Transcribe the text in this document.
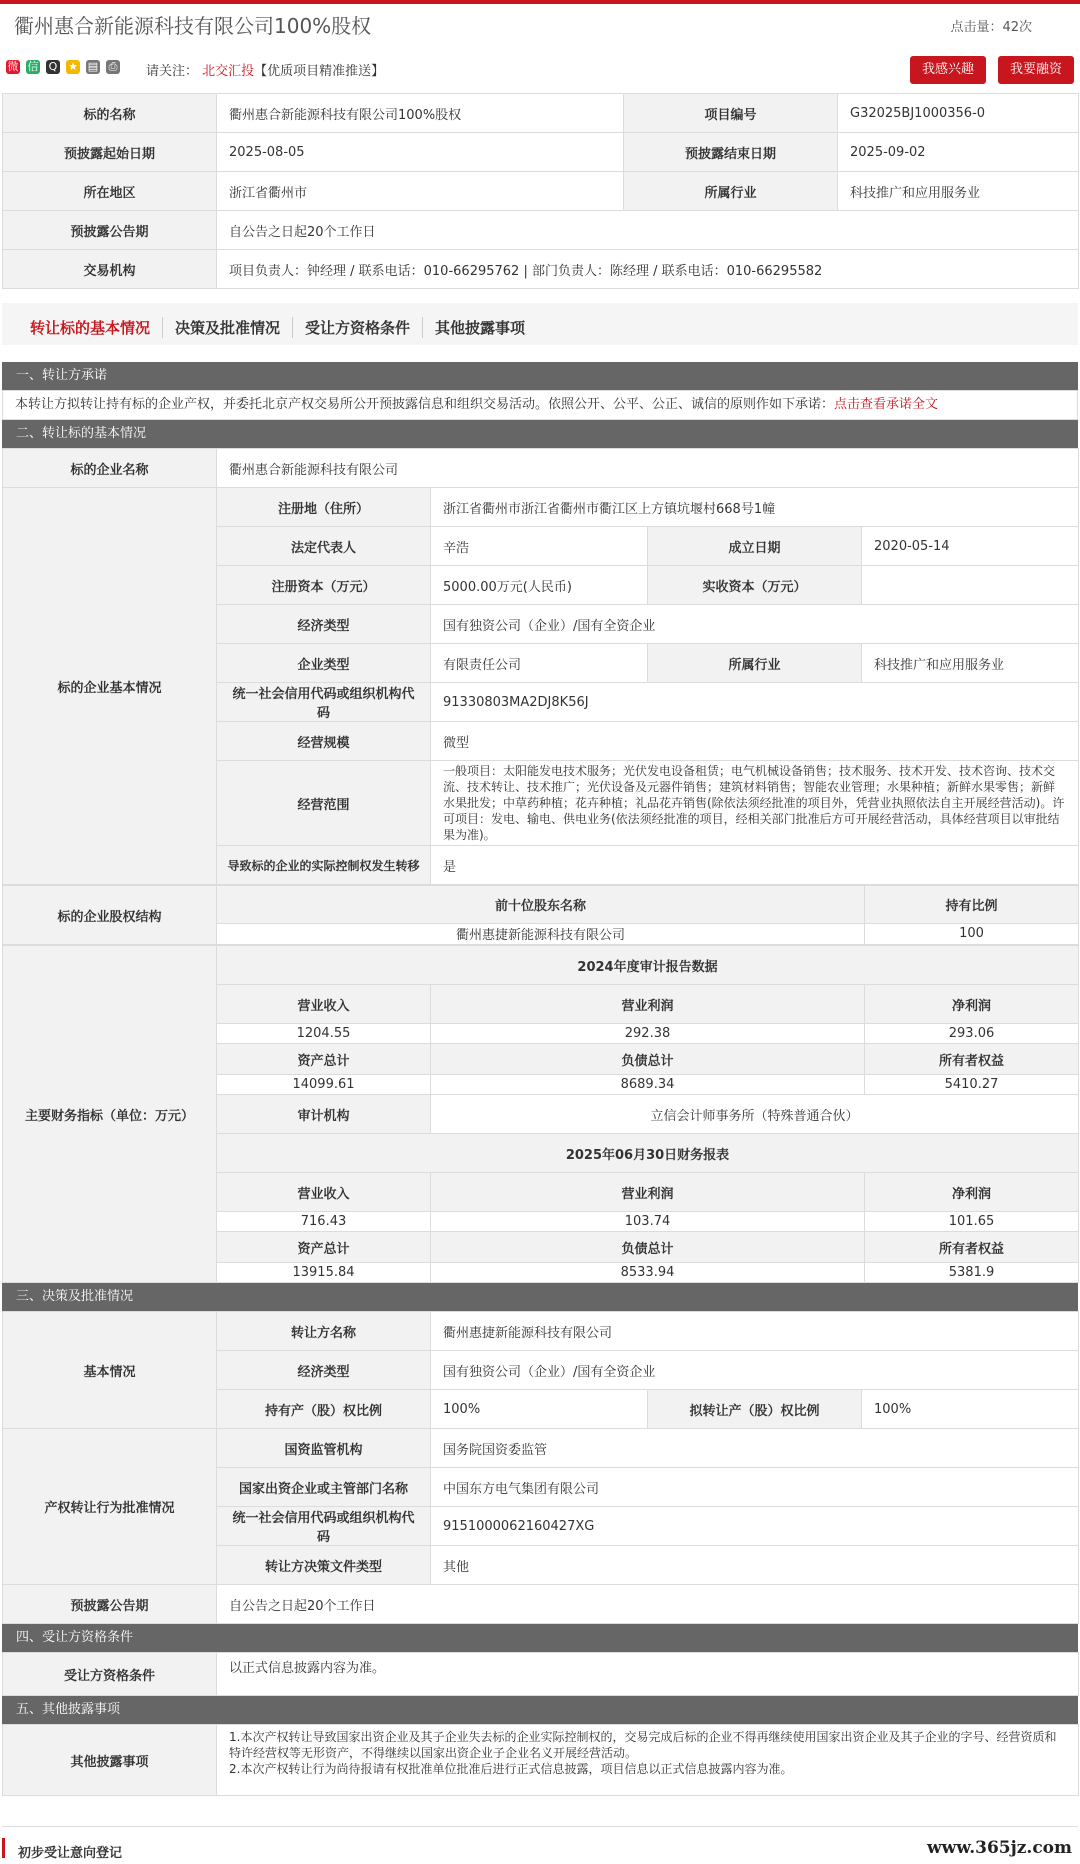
衢州惠合新能源科技有限公司100%股权	点击量：42次
微 信 Q ★ ▤ ⎙ 请关注： 北交汇投【优质项目精准推送】	我感兴趣	我要融资
标的名称	衢州惠合新能源科技有限公司100%股权	项目编号	G32025BJ1000356-0
预披露起始日期	2025-08-05	预披露结束日期	2025-09-02
所在地区	浙江省衢州市	所属行业	科技推广和应用服务业
预披露公告期	自公告之日起20个工作日		
交易机构	项目负责人：钟经理 / 联系电话：010-66295762 | 部门负责人：陈经理 / 联系电话：010-66295582		
转让标的基本情况	决策及批准情况	受让方资格条件	其他披露事项
一、转让方承诺
本转让方拟转让持有标的企业产权，并委托北京产权交易所公开预披露信息和组织交易活动。依照公开、公平、公正、诚信的原则作如下承诺：点击查看承诺全文
二、转让标的基本情况
标的企业名称	衢州惠合新能源科技有限公司			
标的企业基本情况	注册地（住所）	浙江省衢州市浙江省衢州市衢江区上方镇坑堰村668号1幢		
	法定代表人	辛浩	成立日期	2020-05-14
	注册资本（万元）	5000.00万元(人民币)	实收资本（万元）	
	经济类型	国有独资公司（企业）/国有全资企业		
	企业类型	有限责任公司	所属行业	科技推广和应用服务业
	统一社会信用代码或组织机构代码	91330803MA2DJ8K56J		
	经营规模	微型		
	经营范围	一般项目：太阳能发电技术服务；光伏发电设备租赁；电气机械设备销售；技术服务、技术开发、技术咨询、技术交流、技术转让、技术推广；光伏设备及元器件销售；建筑材料销售；智能农业管理；水果种植；新鲜水果零售；新鲜水果批发；中草药种植；花卉种植；礼品花卉销售(除依法须经批准的项目外，凭营业执照依法自主开展经营活动)。许可项目：发电、输电、供电业务(依法须经批准的项目，经相关部门批准后方可开展经营活动，具体经营项目以审批结果为准)。		
	导致标的企业的实际控制权发生转移	是		
标的企业股权结构	前十位股东名称	持有比例
	衢州惠捷新能源科技有限公司	100
主要财务指标（单位：万元）	2024年度审计报告数据		
	营业收入	营业利润	净利润
	1204.55	292.38	293.06
	资产总计	负债总计	所有者权益
	14099.61	8689.34	5410.27
	审计机构	立信会计师事务所（特殊普通合伙）	
	2025年06月30日财务报表		
	营业收入	营业利润	净利润
	716.43	103.74	101.65
	资产总计	负债总计	所有者权益
	13915.84	8533.94	5381.9
三、决策及批准情况
基本情况	转让方名称	衢州惠捷新能源科技有限公司		
	经济类型	国有独资公司（企业）/国有全资企业		
	持有产（股）权比例	100%	拟转让产（股）权比例	100%
产权转让行为批准情况	国资监管机构	国务院国资委监管		
	国家出资企业或主管部门名称	中国东方电气集团有限公司		
	统一社会信用代码或组织机构代码	9151000062160427XG		
	转让方决策文件类型	其他		
预披露公告期	自公告之日起20个工作日			
四、受让方资格条件
受让方资格条件	以正式信息披露内容为准。
五、其他披露事项
其他披露事项	
1.本次产权转让导致国家出资企业及其子企业失去标的企业实际控制权的，交易完成后标的企业不得再继续使用国家出资企业及其子企业的字号、经营资质和特许经营权等无形资产，不得继续以国家出资企业子企业名义开展经营活动。
2.本次产权转让行为尚待报请有权批准单位批准后进行正式信息披露，项目信息以正式信息披露内容为准。
初步受让意向登记	www.365jz.com
